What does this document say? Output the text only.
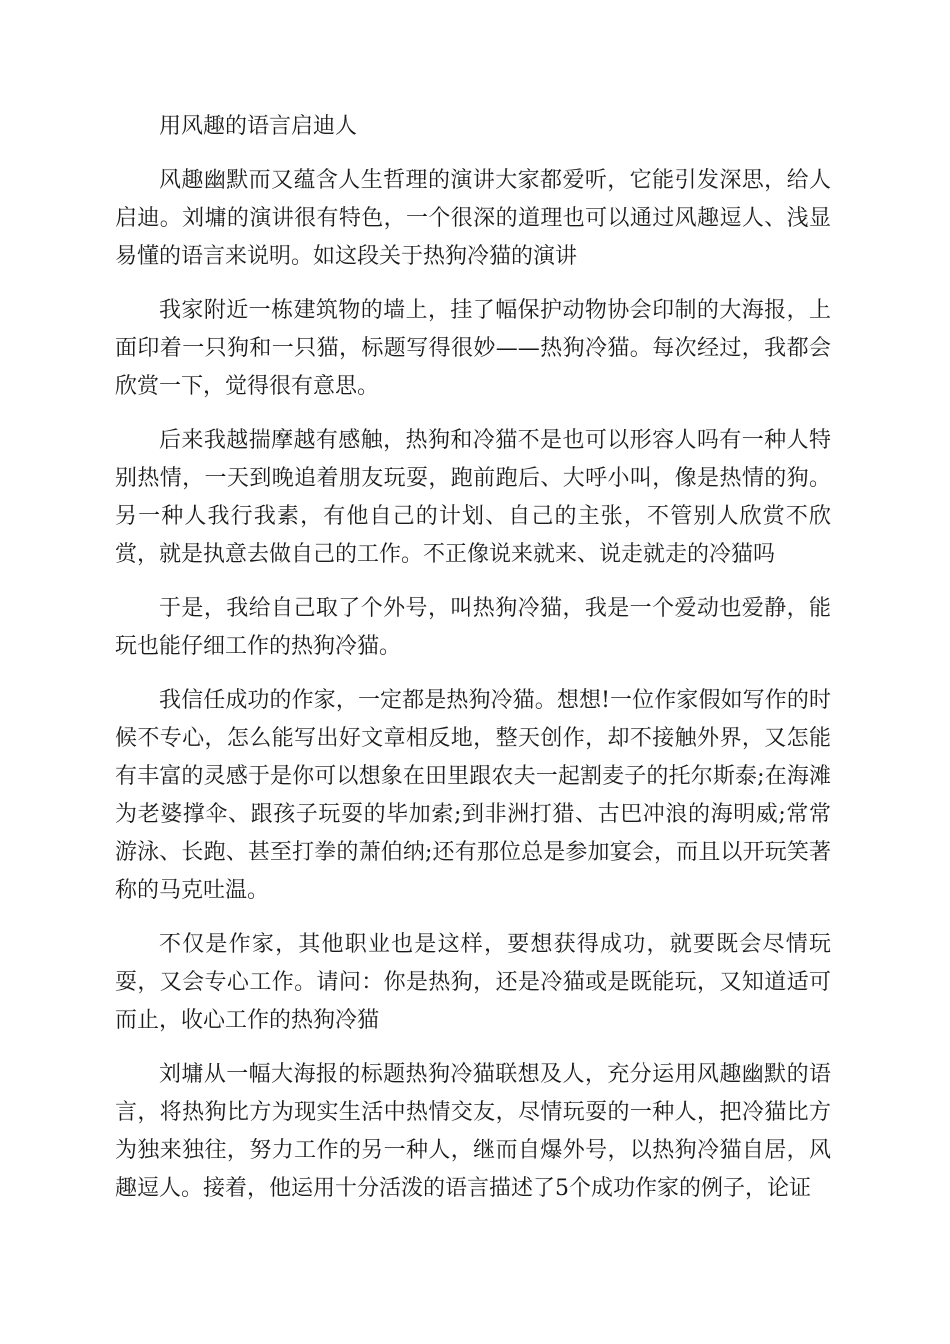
用风趣的语言启迪人

风趣幽默而又蕴含人生哲理的演讲大家都爱听，它能引发深思，给人启迪。刘墉的演讲很有特色，一个很深的道理也可以通过风趣逗人、浅显易懂的语言来说明。如这段关于热狗冷猫的演讲

我家附近一栋建筑物的墙上，挂了幅保护动物协会印制的大海报，上面印着一只狗和一只猫，标题写得很妙——热狗冷猫。每次经过，我都会欣赏一下，觉得很有意思。

后来我越揣摩越有感触，热狗和冷猫不是也可以形容人吗有一种人特别热情，一天到晚追着朋友玩耍，跑前跑后、大呼小叫，像是热情的狗。另一种人我行我素，有他自己的计划、自己的主张，不管别人欣赏不欣赏，就是执意去做自己的工作。不正像说来就来、说走就走的冷猫吗

于是，我给自己取了个外号，叫热狗冷猫，我是一个爱动也爱静，能玩也能仔细工作的热狗冷猫。

我信任成功的作家，一定都是热狗冷猫。想想!一位作家假如写作的时候不专心，怎么能写出好文章相反地，整天创作，却不接触外界，又怎能有丰富的灵感于是你可以想象在田里跟农夫一起割麦子的托尔斯泰;在海滩为老婆撑伞、跟孩子玩耍的毕加索;到非洲打猎、古巴冲浪的海明威;常常游泳、长跑、甚至打拳的萧伯纳;还有那位总是参加宴会，而且以开玩笑著称的马克吐温。

不仅是作家，其他职业也是这样，要想获得成功，就要既会尽情玩耍，又会专心工作。请问：你是热狗，还是冷猫或是既能玩，又知道适可而止，收心工作的热狗冷猫

刘墉从一幅大海报的标题热狗冷猫联想及人，充分运用风趣幽默的语言，将热狗比方为现实生活中热情交友，尽情玩耍的一种人，把冷猫比方为独来独往，努力工作的另一种人，继而自爆外号，以热狗冷猫自居，风趣逗人。接着，他运用十分活泼的语言描述了5个成功作家的例子，论证
